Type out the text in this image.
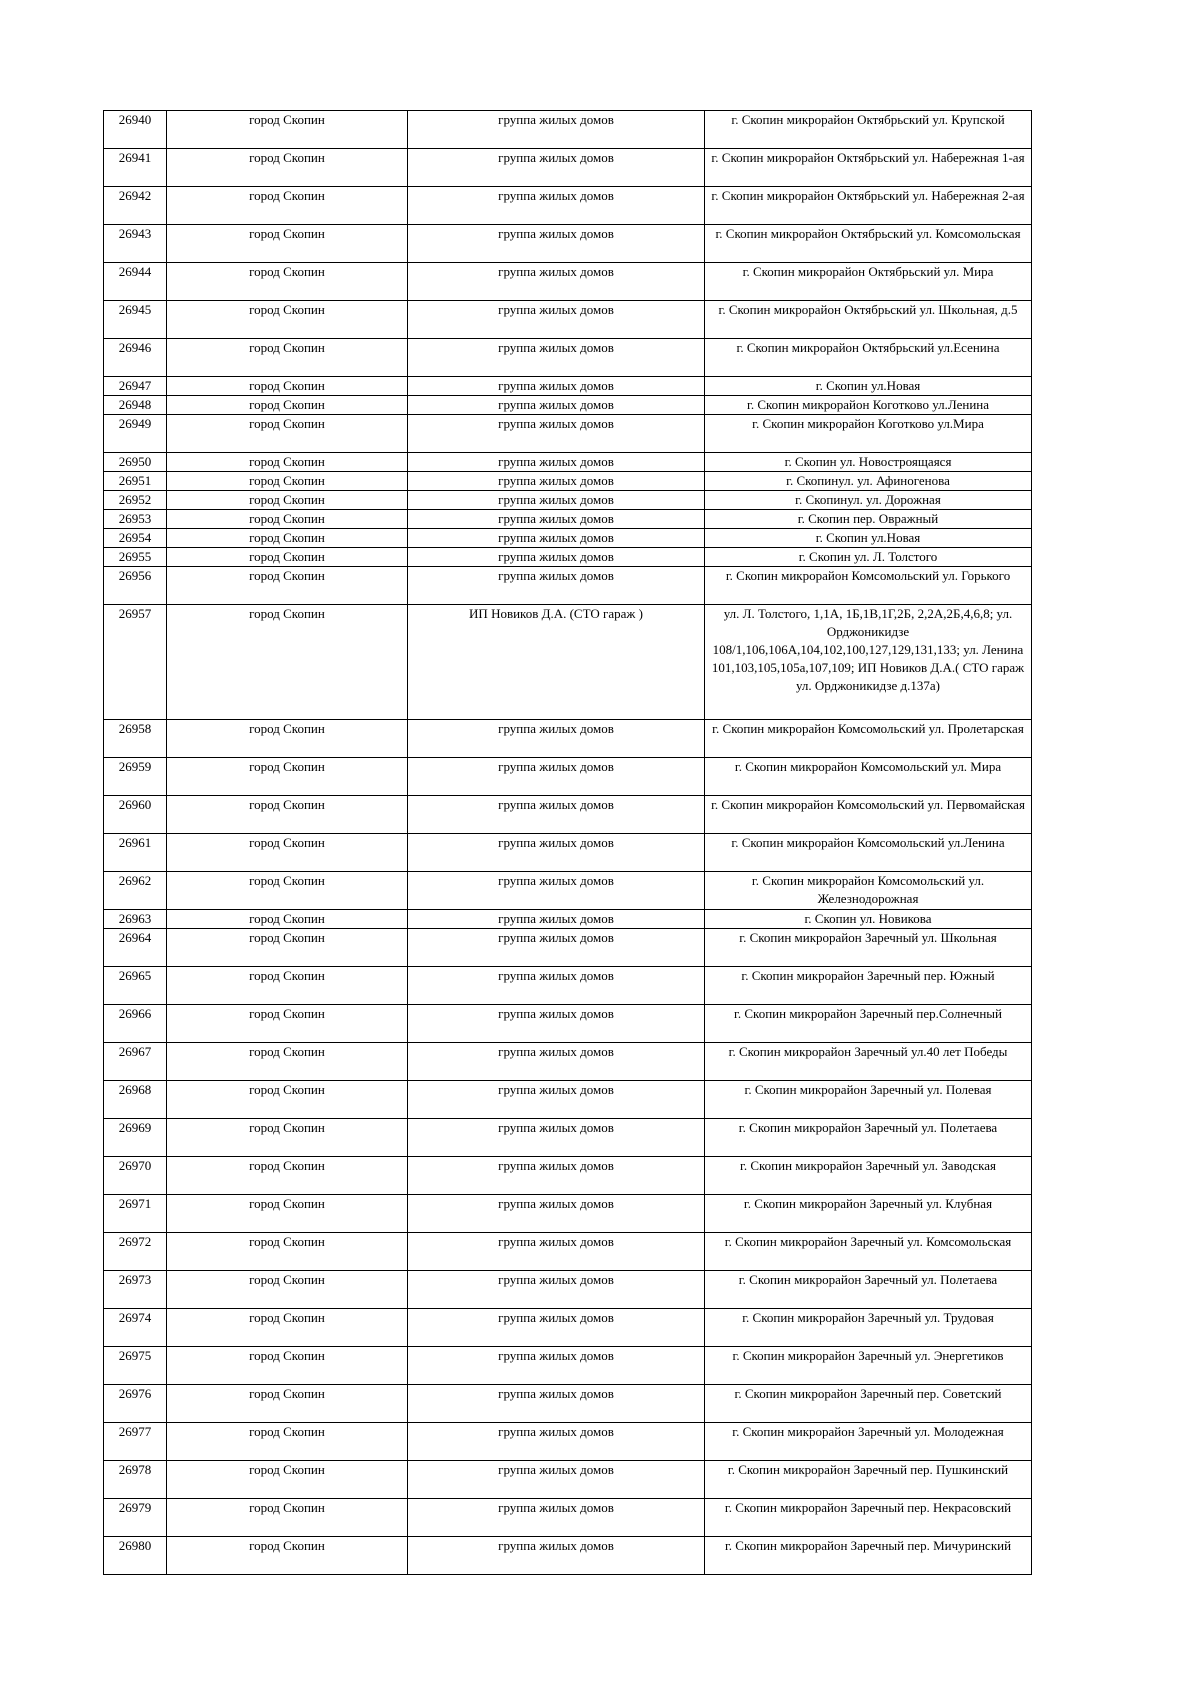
26940	город Скопин	группа жилых домов	г. Скопин микрорайон Октябрьский ул. Крупской
26941	город Скопин	группа жилых домов	г. Скопин микрорайон Октябрьский ул. Набережная 1-ая
26942	город Скопин	группа жилых домов	г. Скопин микрорайон Октябрьский ул. Набережная 2-ая
26943	город Скопин	группа жилых домов	г. Скопин микрорайон Октябрьский ул. Комсомольская
26944	город Скопин	группа жилых домов	г. Скопин микрорайон Октябрьский ул. Мира
26945	город Скопин	группа жилых домов	г. Скопин микрорайон Октябрьский ул. Школьная, д.5
26946	город Скопин	группа жилых домов	г. Скопин микрорайон Октябрьский ул.Есенина
26947	город Скопин	группа жилых домов	г. Скопин ул.Новая
26948	город Скопин	группа жилых домов	г. Скопин микрорайон Коготково ул.Ленина
26949	город Скопин	группа жилых домов	г. Скопин микрорайон Коготково ул.Мира
26950	город Скопин	группа жилых домов	г. Скопин ул. Новостроящаяся
26951	город Скопин	группа жилых домов	г. Скопинул. ул. Афиногенова
26952	город Скопин	группа жилых домов	г. Скопинул. ул. Дорожная
26953	город Скопин	группа жилых домов	г. Скопин пер. Овражный
26954	город Скопин	группа жилых домов	г. Скопин ул.Новая
26955	город Скопин	группа жилых домов	г. Скопин ул. Л. Толстого
26956	город Скопин	группа жилых домов	г. Скопин микрорайон Комсомольский ул. Горького
26957	город Скопин	ИП Новиков Д.А. (СТО гараж )	ул. Л. Толстого, 1,1А, 1Б,1В,1Г,2Б, 2,2А,2Б,4,6,8; ул. Орджоникидзе 108/1,106,106А,104,102,100,127,129,131,133; ул. Ленина 101,103,105,105а,107,109; ИП Новиков Д.А.( СТО гараж ул. Орджоникидзе д.137а)
26958	город Скопин	группа жилых домов	г. Скопин микрорайон Комсомольский ул. Пролетарская
26959	город Скопин	группа жилых домов	г. Скопин микрорайон Комсомольский ул. Мира
26960	город Скопин	группа жилых домов	г. Скопин микрорайон Комсомольский ул. Первомайская
26961	город Скопин	группа жилых домов	г. Скопин микрорайон Комсомольский ул.Ленина
26962	город Скопин	группа жилых домов	г. Скопин микрорайон Комсомольский ул. Железнодорожная
26963	город Скопин	группа жилых домов	г. Скопин ул. Новикова
26964	город Скопин	группа жилых домов	г. Скопин микрорайон Заречный ул. Школьная
26965	город Скопин	группа жилых домов	г. Скопин микрорайон Заречный пер. Южный
26966	город Скопин	группа жилых домов	г. Скопин микрорайон Заречный пер.Солнечный
26967	город Скопин	группа жилых домов	г. Скопин микрорайон Заречный ул.40 лет Победы
26968	город Скопин	группа жилых домов	г. Скопин микрорайон Заречный ул. Полевая
26969	город Скопин	группа жилых домов	г. Скопин микрорайон Заречный ул. Полетаева
26970	город Скопин	группа жилых домов	г. Скопин микрорайон Заречный ул. Заводская
26971	город Скопин	группа жилых домов	г. Скопин микрорайон Заречный ул. Клубная
26972	город Скопин	группа жилых домов	г. Скопин микрорайон Заречный ул. Комсомольская
26973	город Скопин	группа жилых домов	г. Скопин микрорайон Заречный ул. Полетаева
26974	город Скопин	группа жилых домов	г. Скопин микрорайон Заречный ул. Трудовая
26975	город Скопин	группа жилых домов	г. Скопин микрорайон Заречный ул. Энергетиков
26976	город Скопин	группа жилых домов	г. Скопин микрорайон Заречный пер. Советский
26977	город Скопин	группа жилых домов	г. Скопин микрорайон Заречный ул. Молодежная
26978	город Скопин	группа жилых домов	г. Скопин микрорайон Заречный пер. Пушкинский
26979	город Скопин	группа жилых домов	г. Скопин микрорайон Заречный пер. Некрасовский
26980	город Скопин	группа жилых домов	г. Скопин микрорайон Заречный пер. Мичуринский
